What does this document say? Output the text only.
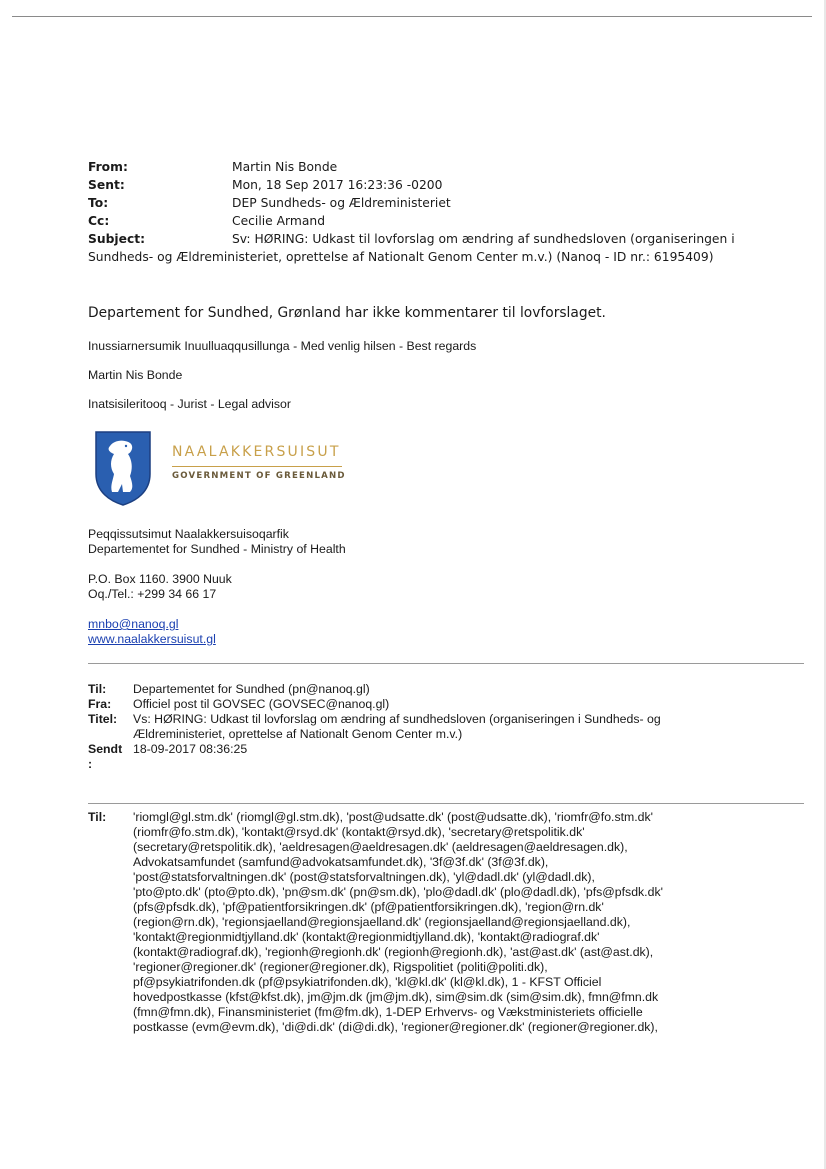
From:	Martin Nis Bonde
Sent:	Mon, 18 Sep 2017 16:23:36 -0200
To:	DEP Sundheds- og Ældreministeriet
Cc:	Cecilie Armand
Subject:	Sv: HØRING: Udkast til lovforslag om ændring af sundhedsloven (organiseringen i
Sundheds- og Ældreministeriet, oprettelse af Nationalt Genom Center m.v.) (Nanoq - ID nr.: 6195409)
Departement for Sundhed, Grønland har ikke kommentarer til lovforslaget.
Inussiarnersumik Inuulluaqqusillunga - Med venlig hilsen - Best regards
Martin Nis Bonde
Inatsisileritooq - Jurist - Legal advisor
NAALAKKERSUISUT
GOVERNMENT OF GREENLAND
Peqqissutsimut Naalakkersuisoqarfik
Departementet for Sundhed - Ministry of Health
P.O. Box 1160. 3900 Nuuk
Oq./Tel.: +299 34 66 17
mnbo@nanoq.gl
www.naalakkersuisut.gl
Til:	Departementet for Sundhed (pn@nanoq.gl)
Fra:	Officiel post til GOVSEC (GOVSEC@nanoq.gl)
Titel:	Vs: HØRING: Udkast til lovforslag om ændring af sundhedsloven (organiseringen i Sundheds- og
Ældreministeriet, oprettelse af Nationalt Genom Center m.v.)
Sendt 18-09-2017 08:36:25
:
Til: 'riomgl@gl.stm.dk' (riomgl@gl.stm.dk), 'post@udsatte.dk' (post@udsatte.dk), 'riomfr@fo.stm.dk'
(riomfr@fo.stm.dk), 'kontakt@rsyd.dk' (kontakt@rsyd.dk), 'secretary@retspolitik.dk'
(secretary@retspolitik.dk), 'aeldresagen@aeldresagen.dk' (aeldresagen@aeldresagen.dk),
Advokatsamfundet (samfund@advokatsamfundet.dk), '3f@3f.dk' (3f@3f.dk),
'post@statsforvaltningen.dk' (post@statsforvaltningen.dk), 'yl@dadl.dk' (yl@dadl.dk),
'pto@pto.dk' (pto@pto.dk), 'pn@sm.dk' (pn@sm.dk), 'plo@dadl.dk' (plo@dadl.dk), 'pfs@pfsdk.dk'
(pfs@pfsdk.dk), 'pf@patientforsikringen.dk' (pf@patientforsikringen.dk), 'region@rn.dk'
(region@rn.dk), 'regionsjaelland@regionsjaelland.dk' (regionsjaelland@regionsjaelland.dk),
'kontakt@regionmidtjylland.dk' (kontakt@regionmidtjylland.dk), 'kontakt@radiograf.dk'
(kontakt@radiograf.dk), 'regionh@regionh.dk' (regionh@regionh.dk), 'ast@ast.dk' (ast@ast.dk),
'regioner@regioner.dk' (regioner@regioner.dk), Rigspolitiet (politi@politi.dk),
pf@psykiatrifonden.dk (pf@psykiatrifonden.dk), 'kl@kl.dk' (kl@kl.dk), 1 - KFST Officiel
hovedpostkasse (kfst@kfst.dk), jm@jm.dk (jm@jm.dk), sim@sim.dk (sim@sim.dk), fmn@fmn.dk
(fmn@fmn.dk), Finansministeriet (fm@fm.dk), 1-DEP Erhvervs- og Vækstministeriets officielle
postkasse (evm@evm.dk), 'di@di.dk' (di@di.dk), 'regioner@regioner.dk' (regioner@regioner.dk),
